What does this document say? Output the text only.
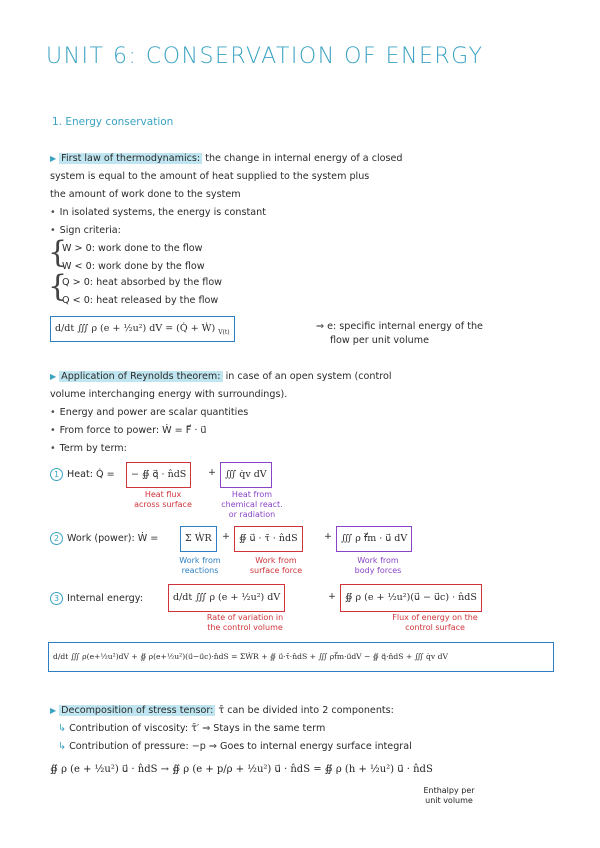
UNIT 6: CONSERVATION OF ENERGY
1. Energy conservation
▶ First law of thermodynamics: the change in internal energy of a closed
system is equal to the amount of heat supplied to the system plus
the amount of work done to the system
• In isolated systems, the energy is constant
• Sign criteria:
{
W > 0: work done to the flow
W < 0: work done by the flow
{
Q > 0: heat absorbed by the flow
Q < 0: heat released by the flow
d/dt ∭ ρ (e + ½u²) dV = (Q̇ + Ẇ) $_{V(t)}$
⇒ e: specific internal energy of the
flow per unit volume
▶ Application of Reynolds theorem: in case of an open system (control
volume interchanging energy with surroundings).
• Energy and power are scalar quantities
• From force to power: Ẇ = F⃗ · u⃗
• Term by term:
1 Heat: Q̇ =	− ∯ q⃗ · n̂dS	+ ∭ q̇v dV
Heat flux
across surface
Heat from
chemical react.
or radiation
2 Work (power): Ẇ =	Σ ẆR	+ ∯ u⃗ · τ̄ · n̂dS	+ ∭ ρ f⃗m · u⃗ dV
Work from
reactions
Work from
surface force
Work from
body forces
3 Internal energy:	d/dt ∭ ρ (e + ½u²) dV	+ ∯ ρ (e + ½u²)(u⃗ − u⃗c) · n̂dS
Rate of variation in
the control volume
Flux of energy on the
control surface
d/dt ∭ ρ(e+½u²)dV + ∯ ρ(e+½u²)(u⃗−u⃗c)·n̂dS = ΣẆR + ∯ u⃗·τ̄·n̂dS + ∭ ρf⃗m·u⃗dV − ∯ q⃗·n̂dS + ∭ q̇v dV
▶ Decomposition of stress tensor: τ̄ can be divided into 2 components:
↳ Contribution of viscosity: τ̄′ ⇒ Stays in the same term
↳ Contribution of pressure: −p ⇒ Goes to internal energy surface integral
∯ ρ (e + ½u²) u⃗ · n̂dS → ∯ ρ (e + p/ρ + ½u²) u⃗ · n̂dS = ∯ ρ (h + ½u²) u⃗ · n̂dS
Enthalpy per
unit volume
